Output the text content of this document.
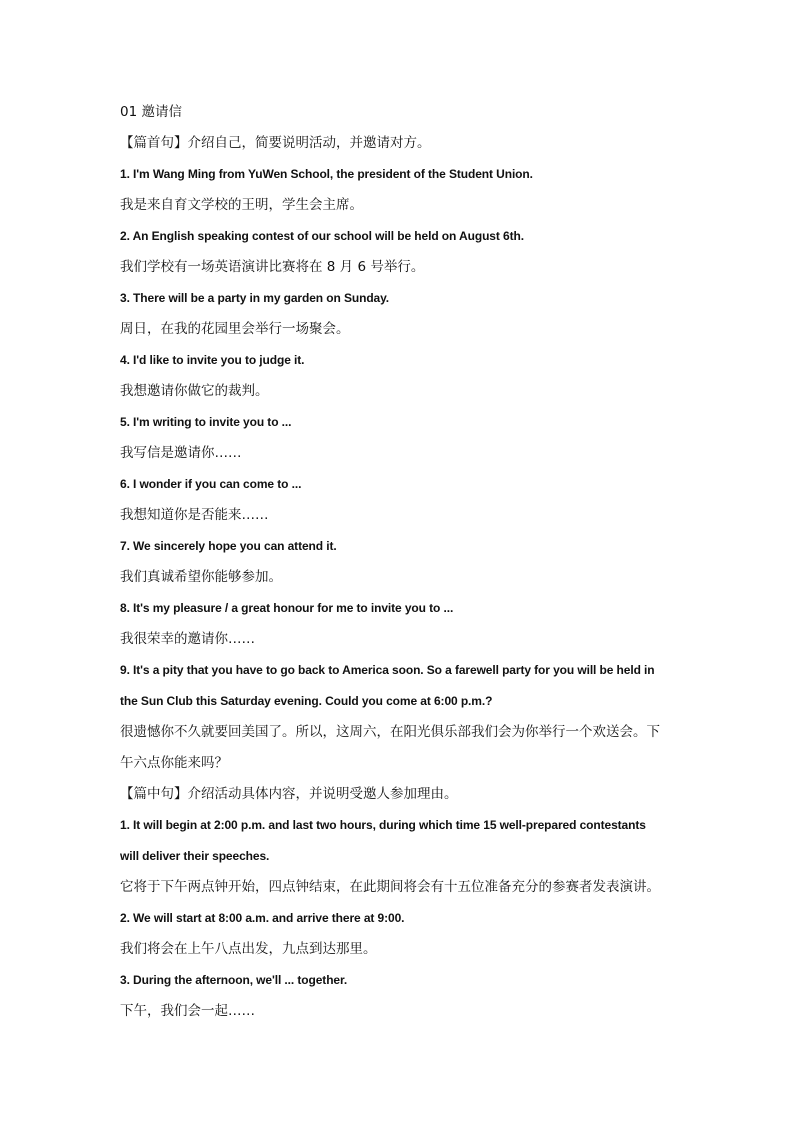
01 邀请信
【篇首句】介绍自己，简要说明活动，并邀请对方。
1. I'm Wang Ming from YuWen School, the president of the Student Union.
我是来自育文学校的王明，学生会主席。
2. An English speaking contest of our school will be held on August 6th.
我们学校有一场英语演讲比赛将在 8 月 6 号举行。
3. There will be a party in my garden on Sunday.
周日，在我的花园里会举行一场聚会。
4. I'd like to invite you to judge it.
我想邀请你做它的裁判。
5. I'm writing to invite you to ...
我写信是邀请你……
6. I wonder if you can come to ...
我想知道你是否能来……
7. We sincerely hope you can attend it.
我们真诚希望你能够参加。
8. It's my pleasure / a great honour for me to invite you to ...
我很荣幸的邀请你……
9. It's a pity that you have to go back to America soon. So a farewell party for you will be held in
the Sun Club this Saturday evening. Could you come at 6:00 p.m.?
很遗憾你不久就要回美国了。所以，这周六，在阳光俱乐部我们会为你举行一个欢送会。下
午六点你能来吗？
【篇中句】介绍活动具体内容，并说明受邀人参加理由。
1. It will begin at 2:00 p.m. and last two hours, during which time 15 well-prepared contestants
will deliver their speeches.
它将于下午两点钟开始，四点钟结束，在此期间将会有十五位准备充分的参赛者发表演讲。
2. We will start at 8:00 a.m. and arrive there at 9:00.
我们将会在上午八点出发，九点到达那里。
3. During the afternoon, we'll ... together.
下午，我们会一起……
